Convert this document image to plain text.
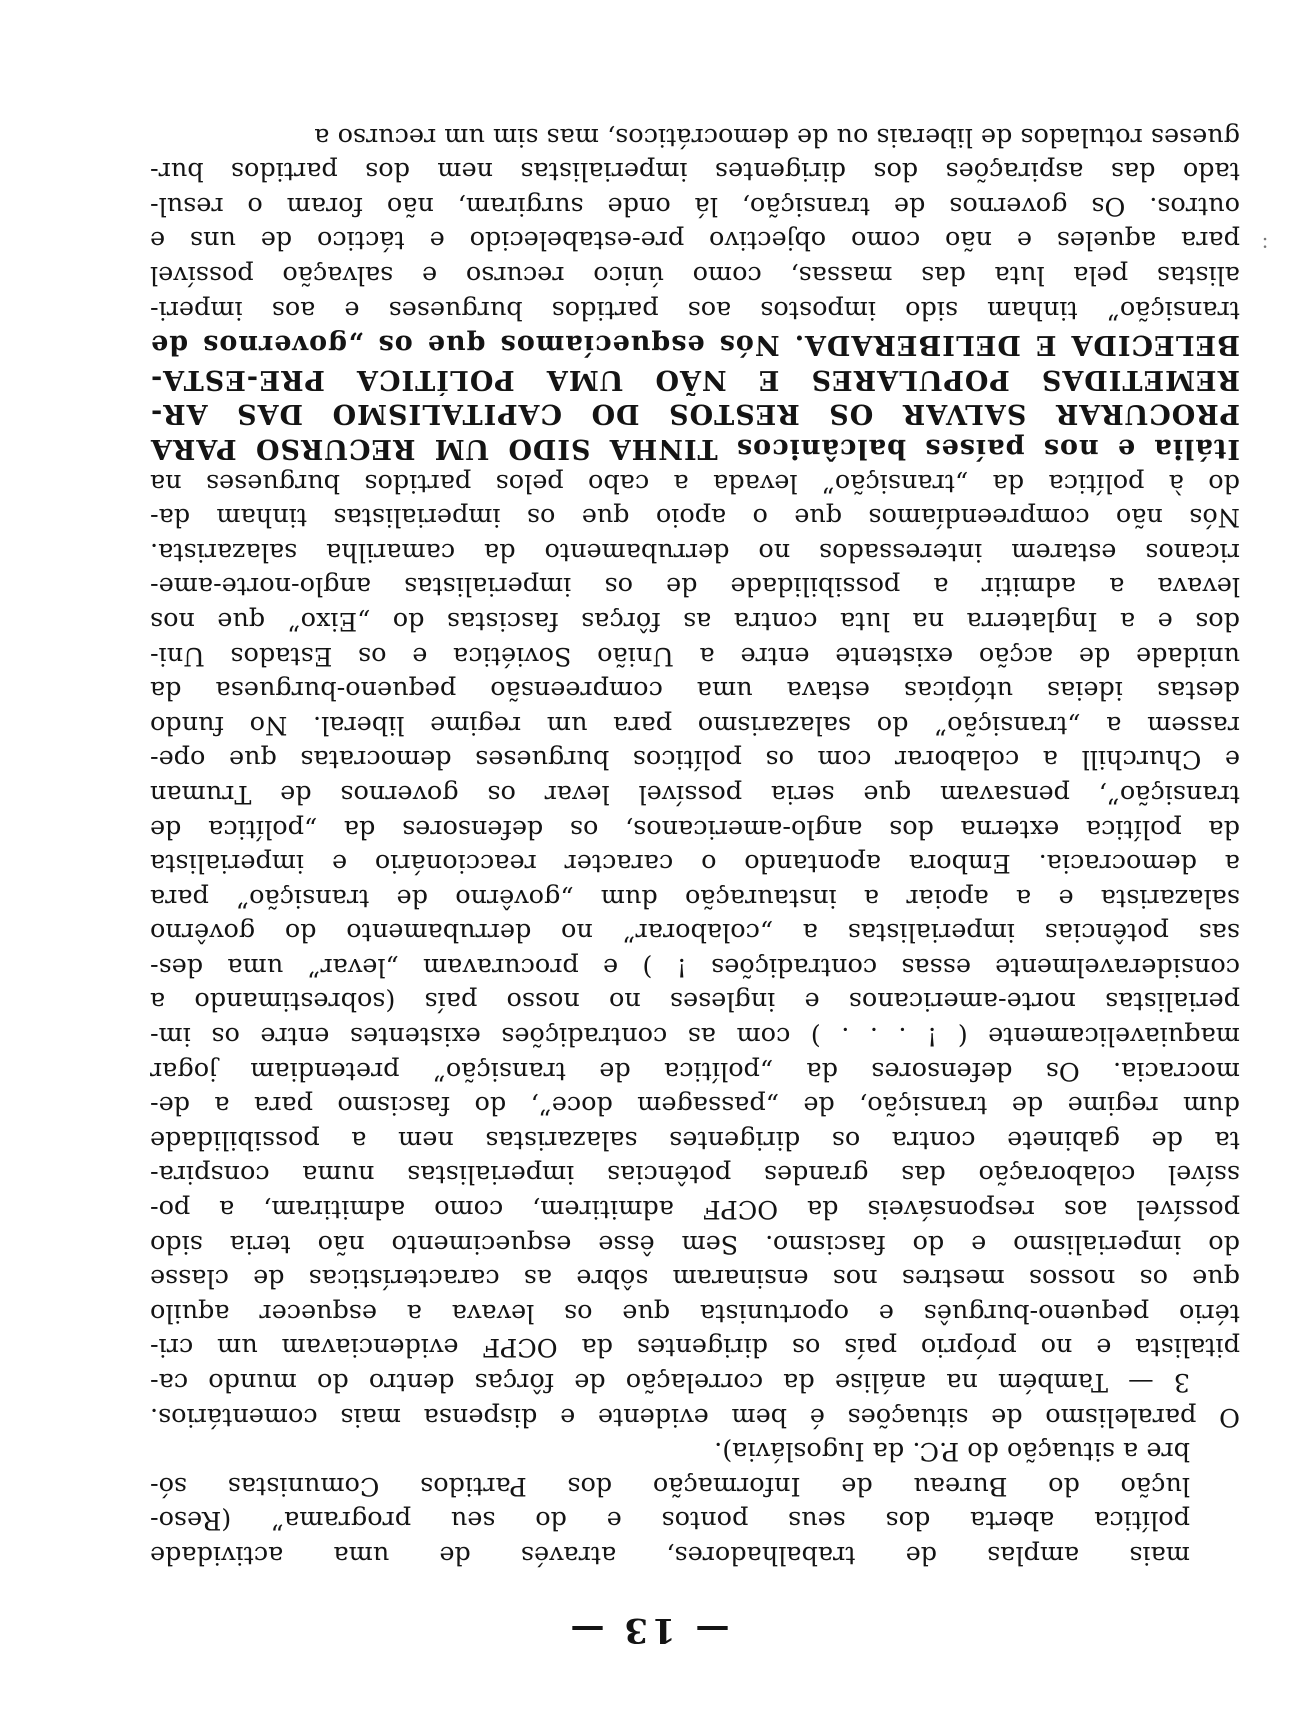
— 13 —
mais amplas de trabalhadores, através de uma actividade
política aberta dos seus pontos e do seu programa” (Reso-
lução do Bureau de Informação dos Partidos Comunistas só-
bre a situação do P.C. da Iugoslávia).
O paralelismo de situações é bem evidente e dispensa mais comentários.
3 — Também na análise da correlação de fôrças dentro do mundo ca-
pitalista e no próprio país os dirigentes da OCPF evidenciavam um cri-
tério pequeno-burguês e oportunista que os levava a esquecer aquilo
que os nossos mestres nos ensinaram sôbre as características de classe
do imperialismo e do fascismo. Sem êsse esquecimento não teria sido
possível aos responsáveis da OCPF admitirem, como admitiram, a po-
ssível colaboração das grandes potências imperialistas numa conspira-
ta de gabinete contra os dirigentes salazaristas nem a possibilidade
dum regime de transição, de „passagem doce”, do fascismo para a de-
mocracia. Os defensores da „política de transição” pretendiam jogar
maquiavelicamente ( ! . . . ) com as contradições existentes entre os im-
perialistas norte-americanos e ingleses no nosso país (sobrestimando a
consideravelmente essas contradições ! ) e procuravam „levar” uma des-
sas potências imperialistas a „colaborar” no derrubamento do govêrno
salazarista e a apoiar a instauração dum „govêrno de transição” para
a democracia. Embora apontando o caracter reaccionário e imperialista
da política externa dos anglo-americanos, os defensores da „política de
transição”, pensavam que seria possível levar os governos de Truman
e Churchill a colaborar com os políticos burgueses democratas que ope-
rassem a „transição” do salazarismo para um regime liberal. No fundo
destas ideias utópicas estava uma compreensão pequeno-burguesa da
unidade de acção existente entre a União Soviética e os Estados Uni-
dos e a Inglaterra na luta contra as fôrças fascistas do „Eixo” que nos
levava a admitir a possibilidade de os imperialistas anglo-norte-ame-
ricanos estarem interessados no derrubamento da camarilha salazarista.
Nós não compreendíamos que o apoio que os imperialistas tinham da-
do à política da „transição” levada a cabo pelos partidos burgueses na
Itália e nos países balcânicos TINHA SIDO UM RECURSO PARA
PROCURAR SALVAR OS RESTOS DO CAPITALISMO DAS AR-
REMETIDAS POPULARES E NÃO UMA POLÍTICA PRE-ESTA-
BELECIDA E DELIBERADA. Nós esquecíamos que os „governos de
transição” tinham sido impostos aos partidos burgueses e aos imperi-
alistas pela luta das massas, como único recurso e salvação possível
para aqueles e não como objectivo pre-estabelecido e táctico de uns e
outros. Os governos de transição, lá onde surgiram, não foram o resul-
tado das aspirações dos dirigentes imperialistas nem dos partidos bur-
gueses rotulados de liberais ou de democráticos, mas sim um recurso a
:
